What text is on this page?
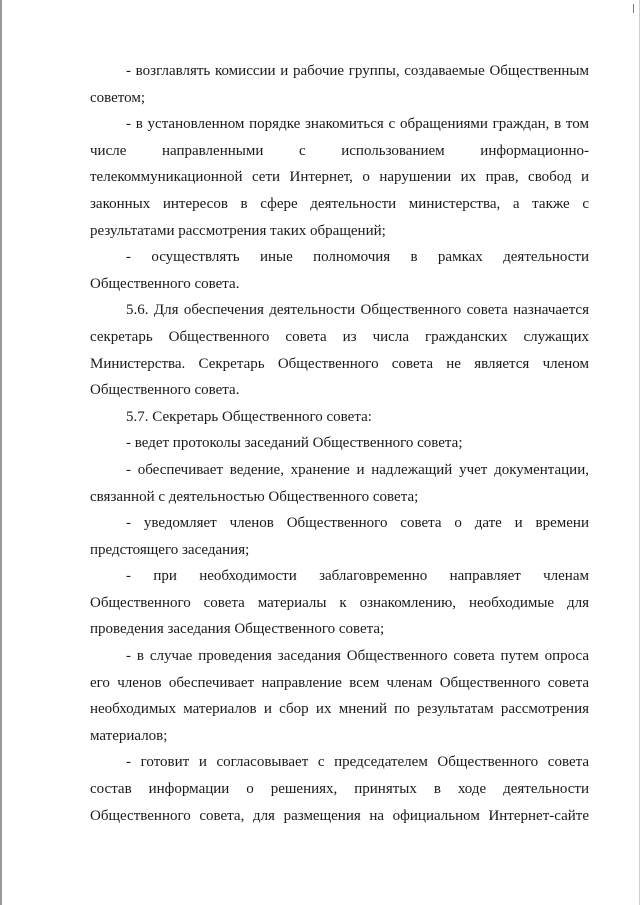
- возглавлять комиссии и рабочие группы, создаваемые Общественным советом;

- в установленном порядке знакомиться с обращениями граждан, в том числе направленными с использованием информационно-телекоммуникационной сети Интернет, о нарушении их прав, свобод и законных интересов в сфере деятельности министерства, а также с результатами рассмотрения таких обращений;

- осуществлять иные полномочия в рамках деятельности Общественного совета.

5.6. Для обеспечения деятельности Общественного совета назначается секретарь Общественного совета из числа гражданских служащих Министерства. Секретарь Общественного совета не является членом Общественного совета.

5.7. Секретарь Общественного совета:

- ведет протоколы заседаний Общественного совета;

- обеспечивает ведение, хранение и надлежащий учет документации, связанной с деятельностью Общественного совета;

- уведомляет членов Общественного совета о дате и времени предстоящего заседания;

- при необходимости заблаговременно направляет членам Общественного совета материалы к ознакомлению, необходимые для проведения заседания Общественного совета;

- в случае проведения заседания Общественного совета путем опроса его членов обеспечивает направление всем членам Общественного совета необходимых материалов и сбор их мнений по результатам рассмотрения материалов;

- готовит и согласовывает с председателем Общественного совета состав информации о решениях, принятых в ходе деятельности Общественного совета, для размещения на официальном Интернет-сайте
